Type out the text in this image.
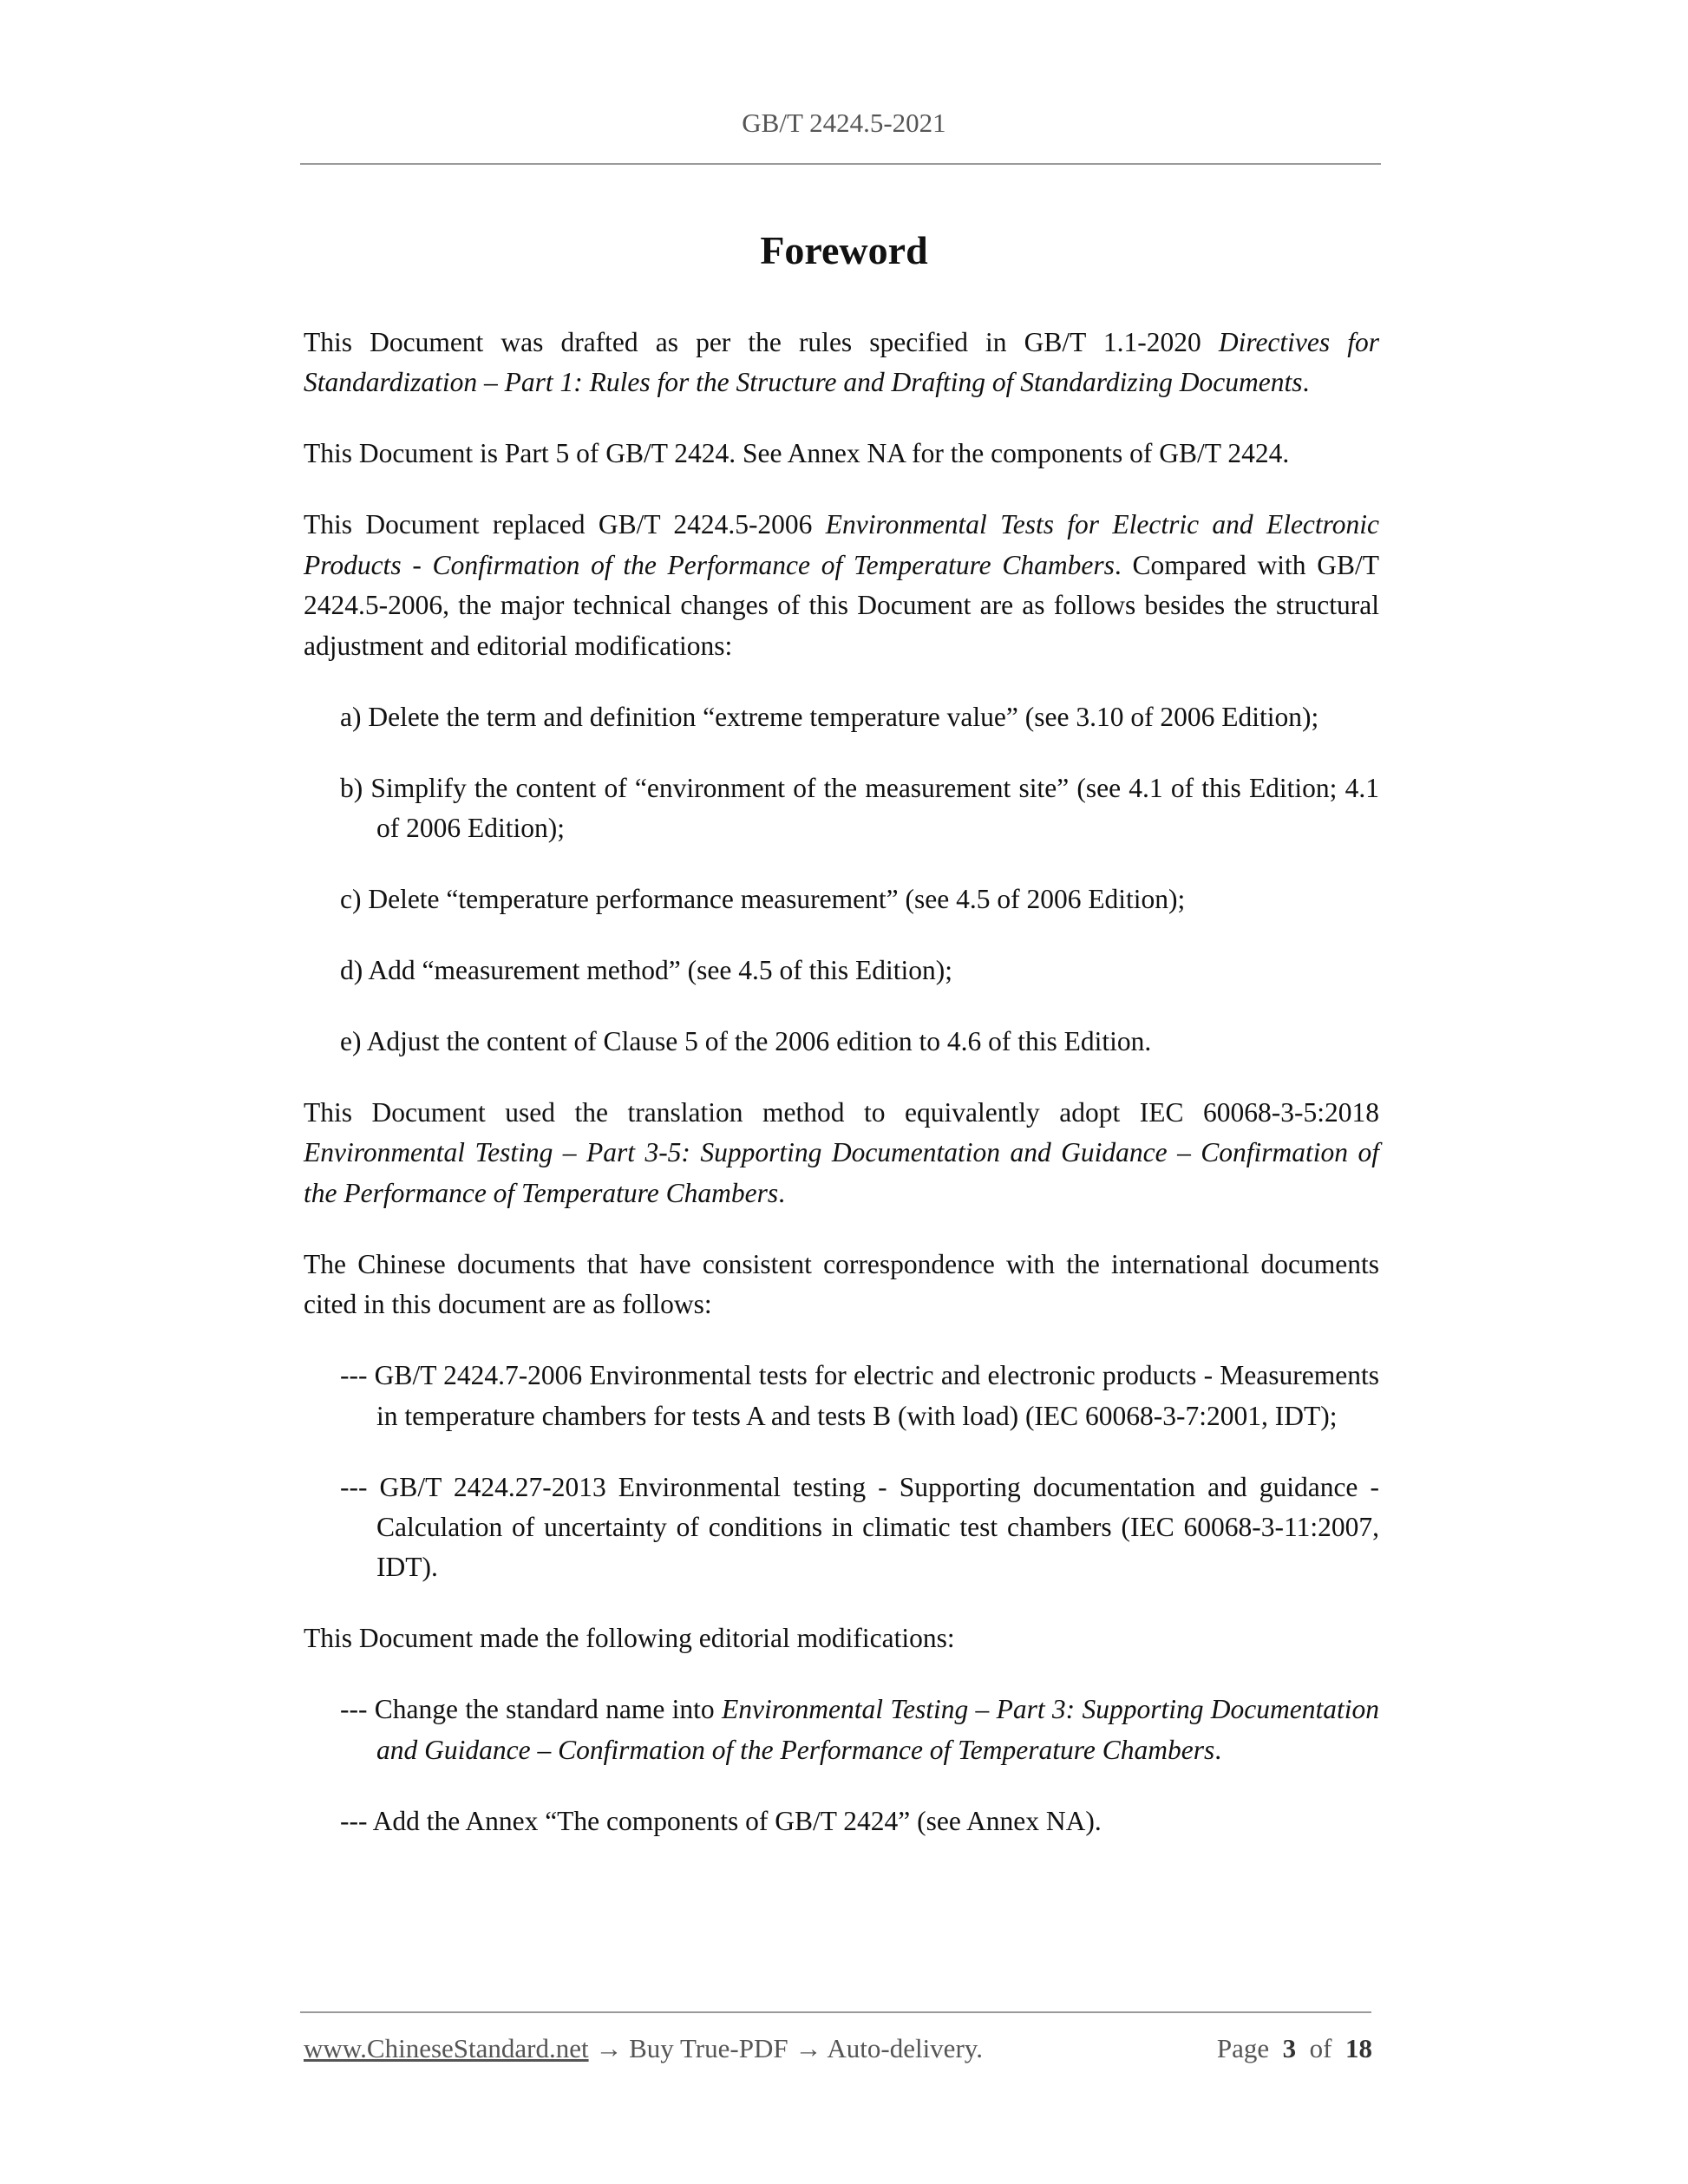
GB/T 2424.5-2021
Foreword

This Document was drafted as per the rules specified in GB/T 1.1-2020 Directives for Standardization – Part 1: Rules for the Structure and Drafting of Standardizing Documents.

This Document is Part 5 of GB/T 2424. See Annex NA for the components of GB/T 2424.

This Document replaced GB/T 2424.5-2006 Environmental Tests for Electric and Electronic Products - Confirmation of the Performance of Temperature Chambers. Compared with GB/T 2424.5-2006, the major technical changes of this Document are as follows besides the structural adjustment and editorial modifications:

a) Delete the term and definition “extreme temperature value” (see 3.10 of 2006 Edition);

b) Simplify the content of “environment of the measurement site” (see 4.1 of this Edition; 4.1 of 2006 Edition);

c) Delete “temperature performance measurement” (see 4.5 of 2006 Edition);

d) Add “measurement method” (see 4.5 of this Edition);

e) Adjust the content of Clause 5 of the 2006 edition to 4.6 of this Edition.

This Document used the translation method to equivalently adopt IEC 60068-3-5:2018 Environmental Testing – Part 3-5: Supporting Documentation and Guidance – Confirmation of the Performance of Temperature Chambers.

The Chinese documents that have consistent correspondence with the international documents cited in this document are as follows:

--- GB/T 2424.7-2006 Environmental tests for electric and electronic products - Measurements in temperature chambers for tests A and tests B (with load) (IEC 60068-3-7:2001, IDT);

--- GB/T 2424.27-2013 Environmental testing - Supporting documentation and guidance - Calculation of uncertainty of conditions in climatic test chambers (IEC 60068-3-11:2007, IDT).

This Document made the following editorial modifications:

--- Change the standard name into Environmental Testing – Part 3: Supporting Documentation and Guidance – Confirmation of the Performance of Temperature Chambers.

--- Add the Annex “The components of GB/T 2424” (see Annex NA).

www.ChineseStandard.net → Buy True-PDF → Auto-delivery.	Page 3 of 18
